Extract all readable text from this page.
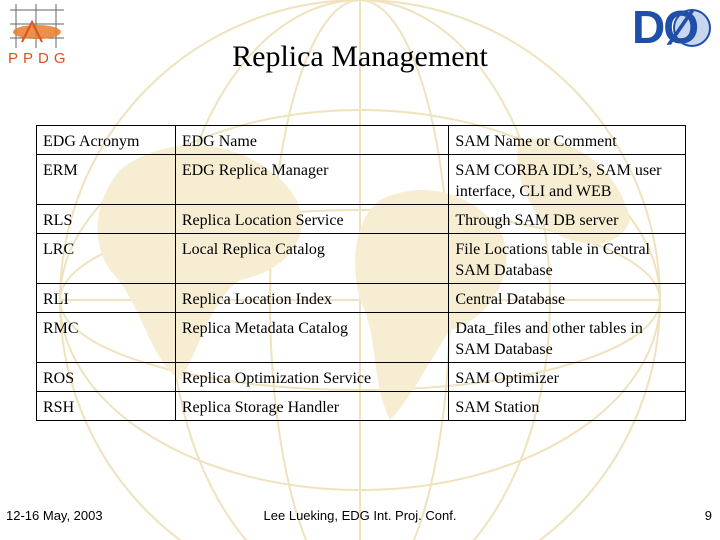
PPDG
DØ
Replica Management
EDG Acronym	EDG Name	SAM Name or Comment
ERM	EDG Replica Manager	SAM CORBA IDL’s, SAM user interface, CLI and WEB
RLS	Replica Location Service	Through SAM DB server
LRC	Local Replica Catalog	File Locations table in Central SAM Database
RLI	Replica Location Index	Central Database
RMC	Replica Metadata Catalog	Data_files and other tables in SAM Database
ROS	Replica Optimization Service	SAM Optimizer
RSH	Replica Storage Handler	SAM Station
12-16 May, 2003	Lee Lueking, EDG Int. Proj. Conf.	9
